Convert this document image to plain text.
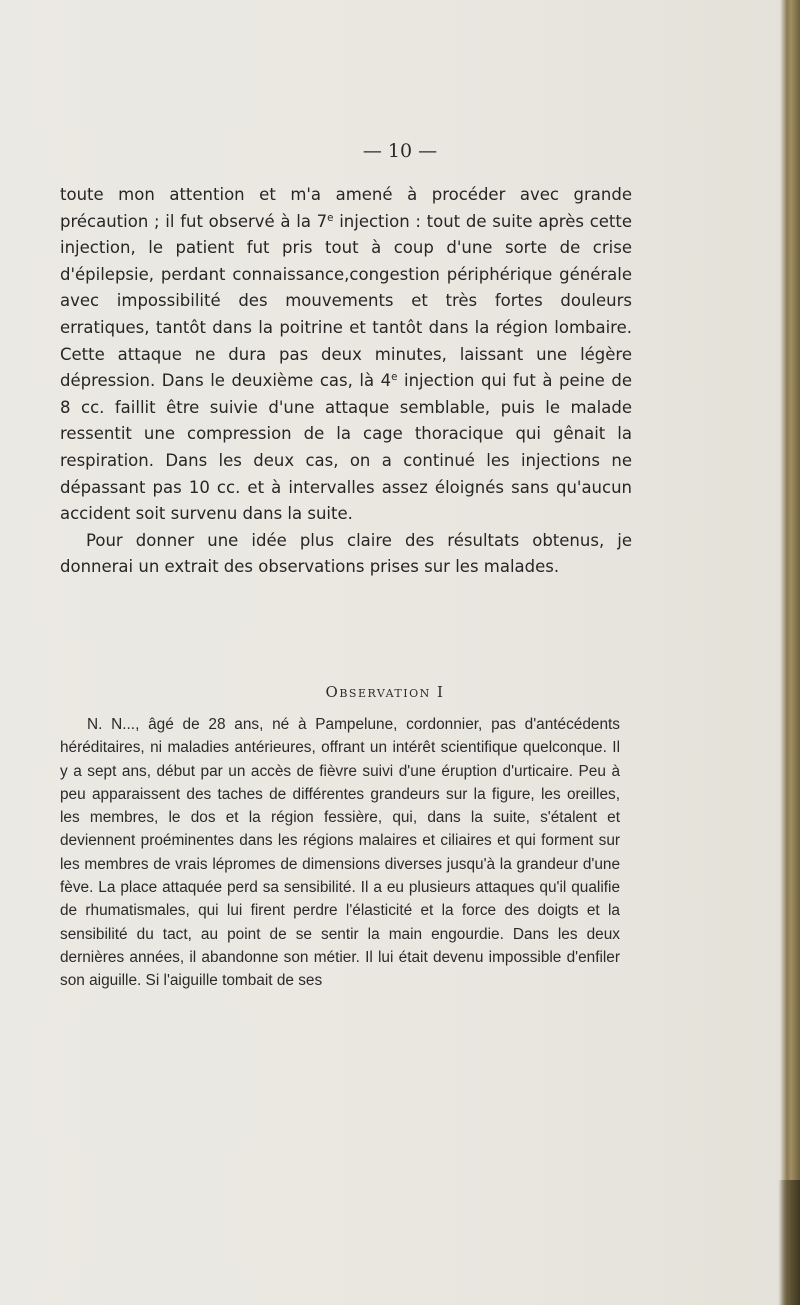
— 10 —

toute mon attention et m'a amené à procéder avec grande précaution ; il fut observé à la 7e injection : tout de suite après cette injection, le patient fut pris tout à coup d'une sorte de crise d'épilepsie, perdant connaissance,congestion périphérique générale avec impossibilité des mouvements et très fortes douleurs erratiques, tantôt dans la poitrine et tantôt dans la région lombaire. Cette attaque ne dura pas deux minutes, laissant une légère dépression. Dans le deuxième cas, là 4e injection qui fut à peine de 8 cc. faillit être suivie d'une attaque semblable, puis le malade ressentit une compression de la cage thoracique qui gênait la respiration. Dans les deux cas, on a continué les injections ne dépassant pas 10 cc. et à intervalles assez éloignés sans qu'aucun accident soit survenu dans la suite.

Pour donner une idée plus claire des résultats obtenus, je donnerai un extrait des observations prises sur les malades.

Observation I

N. N..., âgé de 28 ans, né à Pampelune, cordonnier, pas d'antécédents héréditaires, ni maladies antérieures, offrant un intérêt scientifique quelconque. Il y a sept ans, début par un accès de fièvre suivi d'une éruption d'urticaire. Peu à peu apparaissent des taches de différentes grandeurs sur la figure, les oreilles, les membres, le dos et la région fessière, qui, dans la suite, s'étalent et deviennent proéminentes dans les régions malaires et ciliaires et qui forment sur les membres de vrais lépromes de dimensions diverses jusqu'à la grandeur d'une fève. La place attaquée perd sa sensibilité. Il a eu plusieurs attaques qu'il qualifie de rhumatismales, qui lui firent perdre l'élasticité et la force des doigts et la sensibilité du tact, au point de se sentir la main engourdie. Dans les deux dernières années, il abandonne son métier. Il lui était devenu impossible d'enfiler son aiguille. Si l'aiguille tombait de ses
